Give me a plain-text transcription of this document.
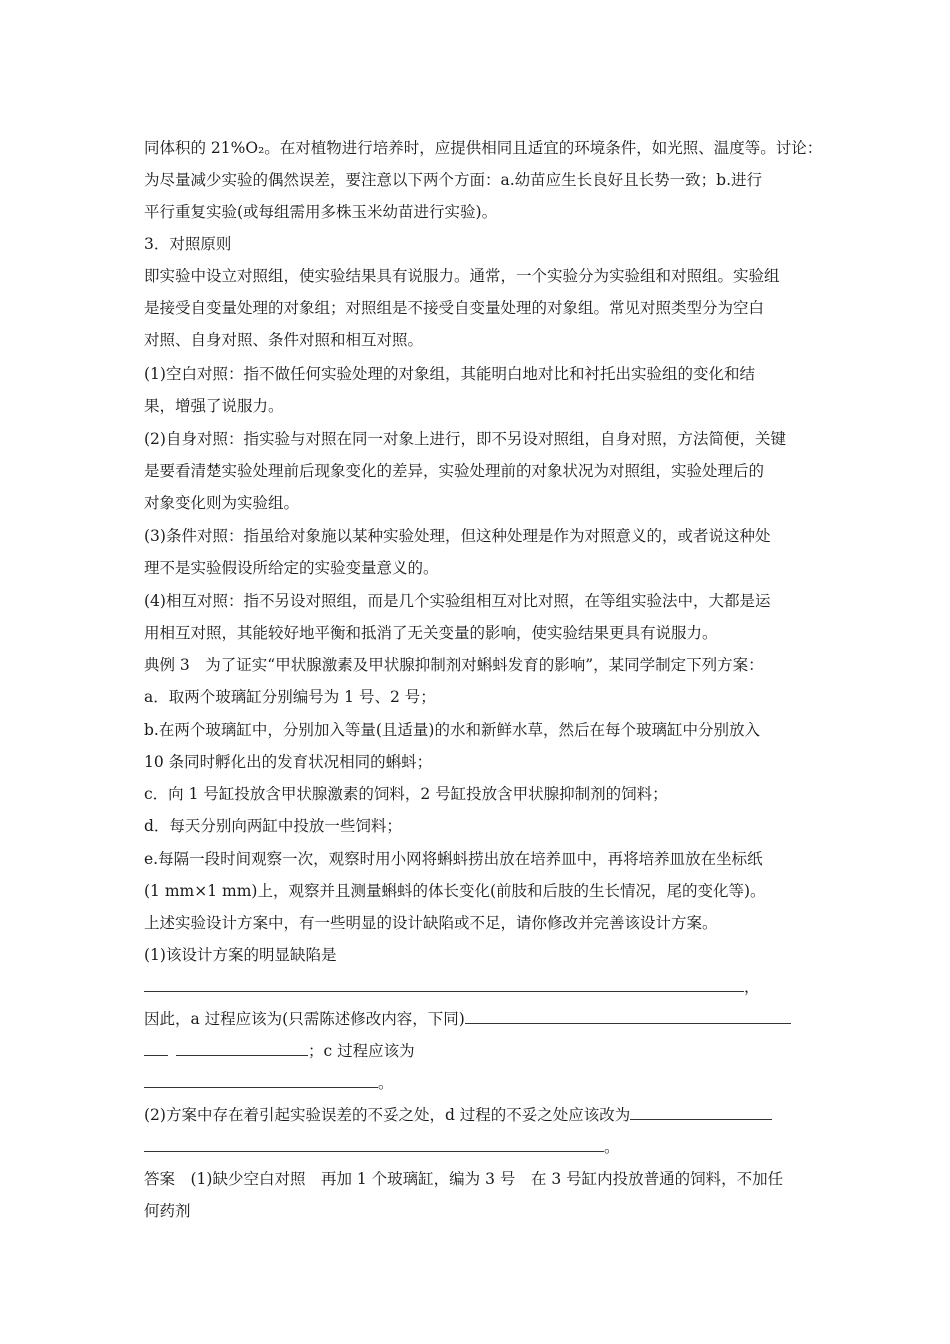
同体积的 21%O₂。在对植物进行培养时，应提供相同且适宜的环境条件，如光照、温度等。讨论：
为尽量减少实验的偶然误差，要注意以下两个方面：a.幼苗应生长良好且长势一致；b.进行
平行重复实验(或每组需用多株玉米幼苗进行实验)。
3．对照原则
即实验中设立对照组，使实验结果具有说服力。通常，一个实验分为实验组和对照组。实验组
是接受自变量处理的对象组；对照组是不接受自变量处理的对象组。常见对照类型分为空白
对照、自身对照、条件对照和相互对照。
(1)空白对照：指不做任何实验处理的对象组，其能明白地对比和衬托出实验组的变化和结
果，增强了说服力。
(2)自身对照：指实验与对照在同一对象上进行，即不另设对照组，自身对照，方法简便，关键
是要看清楚实验处理前后现象变化的差异，实验处理前的对象状况为对照组，实验处理后的
对象变化则为实验组。
(3)条件对照：指虽给对象施以某种实验处理，但这种处理是作为对照意义的，或者说这种处
理不是实验假设所给定的实验变量意义的。
(4)相互对照：指不另设对照组，而是几个实验组相互对比对照，在等组实验法中，大都是运
用相互对照，其能较好地平衡和抵消了无关变量的影响，使实验结果更具有说服力。
典例 3　为了证实“甲状腺激素及甲状腺抑制剂对蝌蚪发育的影响”，某同学制定下列方案：
a．取两个玻璃缸分别编号为 1 号、2 号；
b.在两个玻璃缸中，分别加入等量(且适量)的水和新鲜水草，然后在每个玻璃缸中分别放入
10 条同时孵化出的发育状况相同的蝌蚪；
c．向 1 号缸投放含甲状腺激素的饲料，2 号缸投放含甲状腺抑制剂的饲料；
d．每天分别向两缸中投放一些饲料；
e.每隔一段时间观察一次，观察时用小网将蝌蚪捞出放在培养皿中，再将培养皿放在坐标纸
(1 mm×1 mm)上，观察并且测量蝌蚪的体长变化(前肢和后肢的生长情况，尾的变化等)。
上述实验设计方案中，有一些明显的设计缺陷或不足，请你修改并完善该设计方案。
(1)该设计方案的明显缺陷是
，
因此，a 过程应该为(只需陈述修改内容，下同)
；c 过程应该为
。
(2)方案中存在着引起实验误差的不妥之处，d 过程的不妥之处应该改为
。
答案　(1)缺少空白对照　再加 1 个玻璃缸，编为 3 号　在 3 号缸内投放普通的饲料，不加任
何药剂
